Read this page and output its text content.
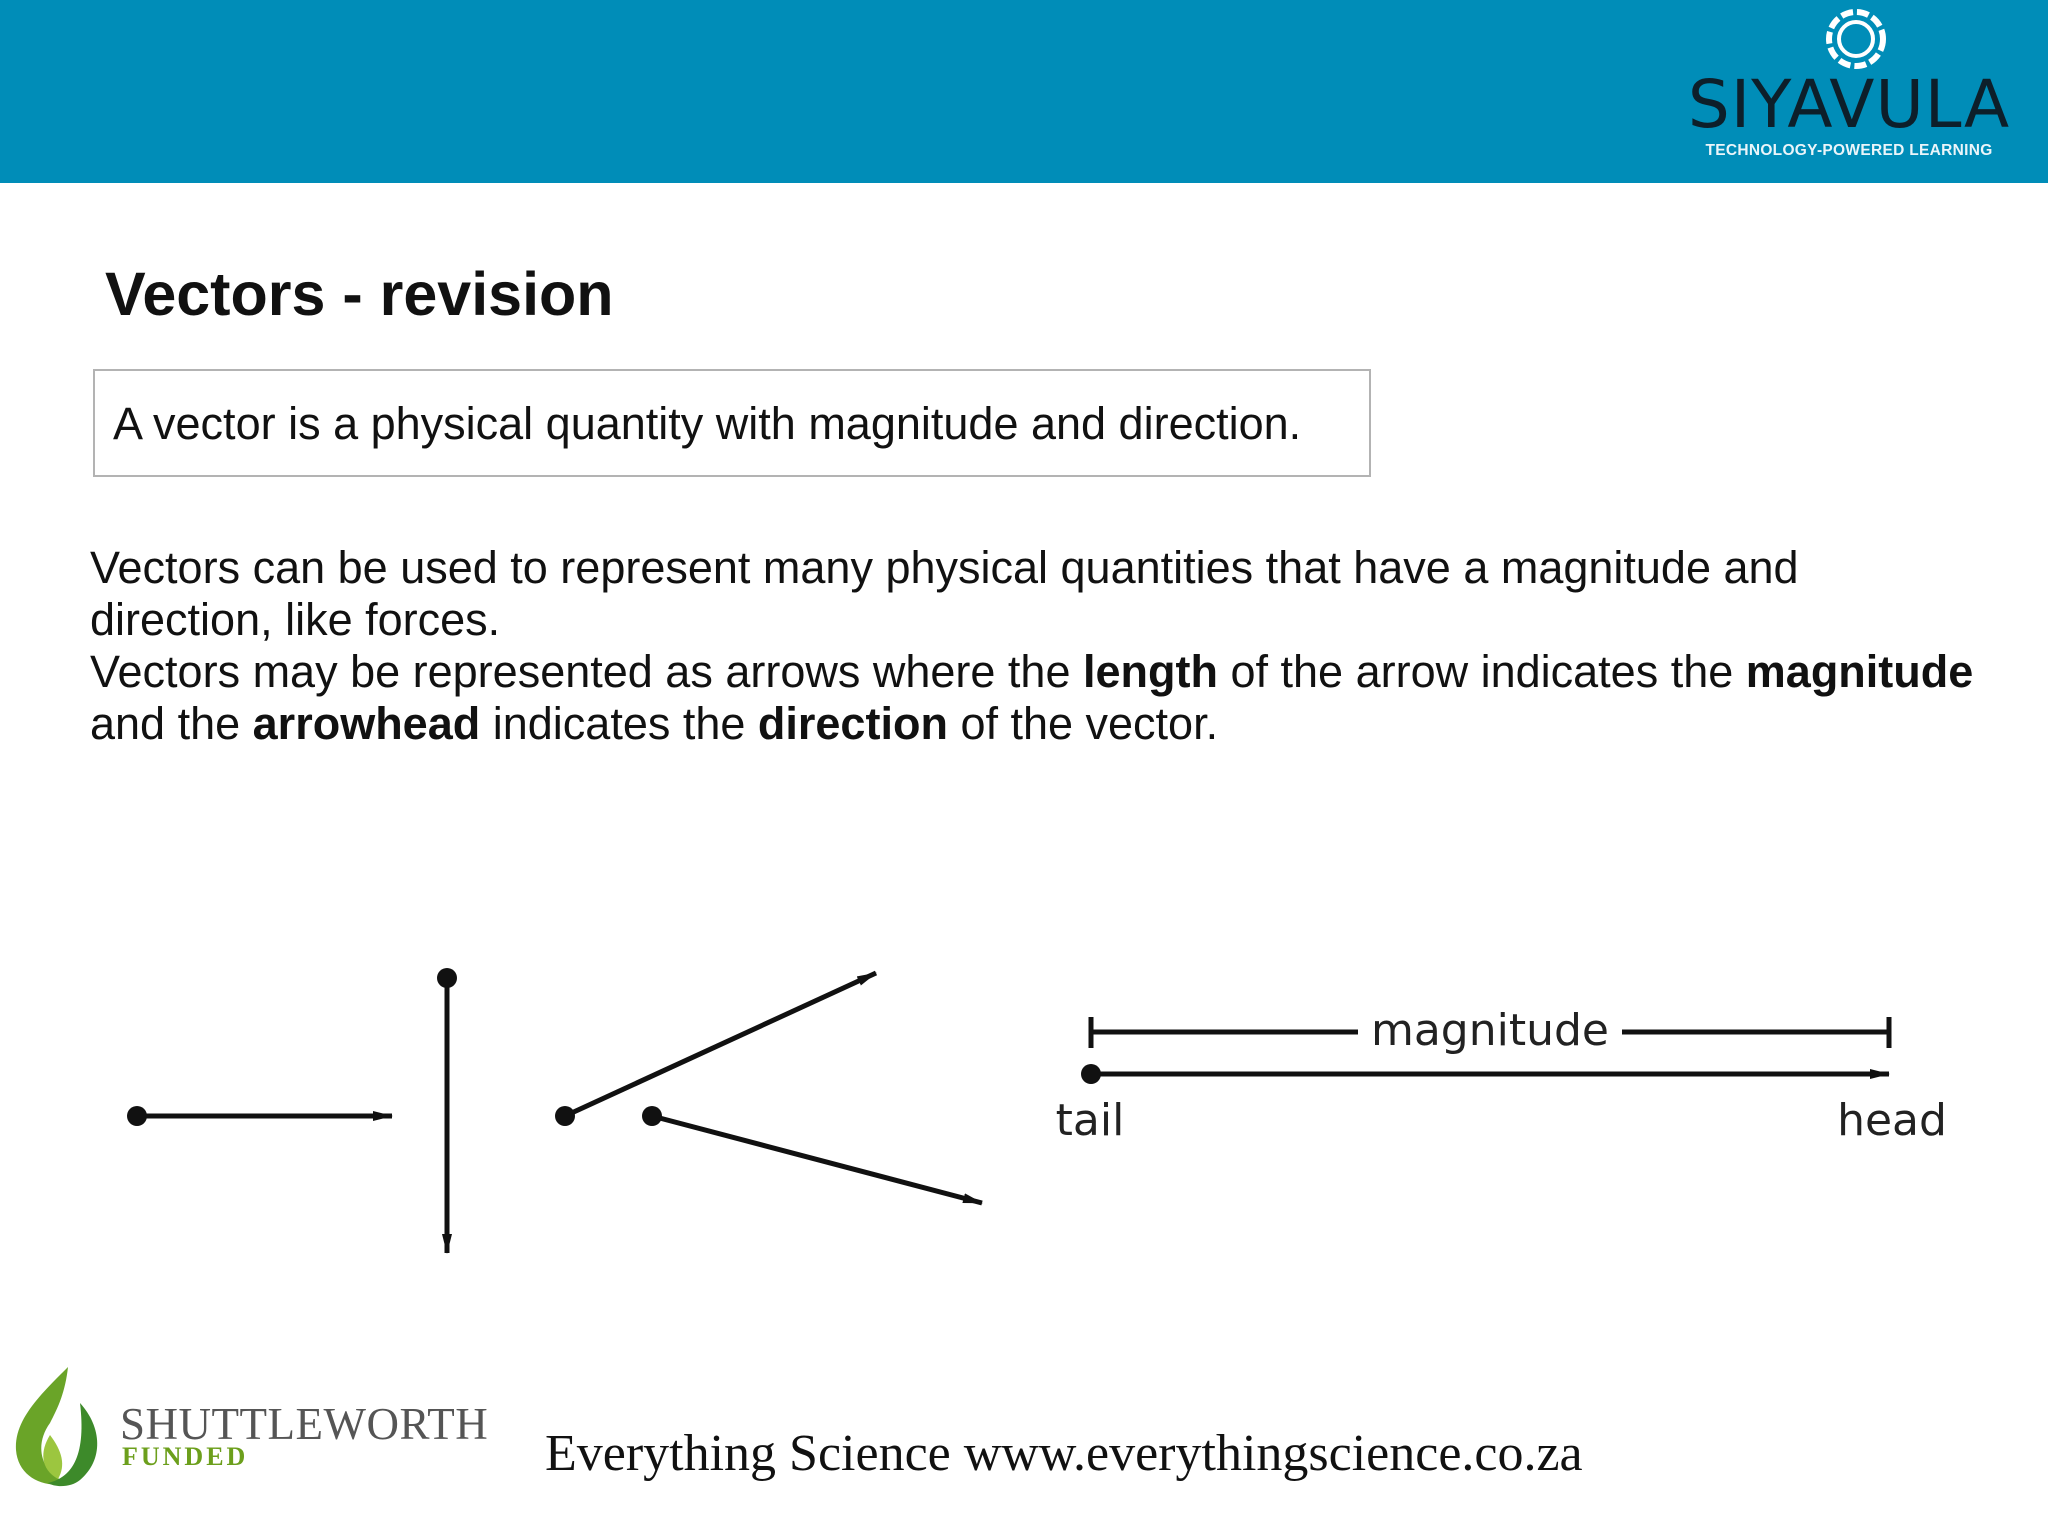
SIYAVULA
TECHNOLOGY-POWERED LEARNING
Vectors - revision
A vector is a physical quantity with magnitude and direction.

Vectors can be used to represent many physical quantities that have a magnitude and direction, like forces.

Vectors may be represented as arrows where the length of the arrow indicates the magnitude and the arrowhead indicates the direction of the vector.

magnitude
tail	head
SHUTTLEWORTH
FUNDED	Everything Science www.everythingscience.co.za
